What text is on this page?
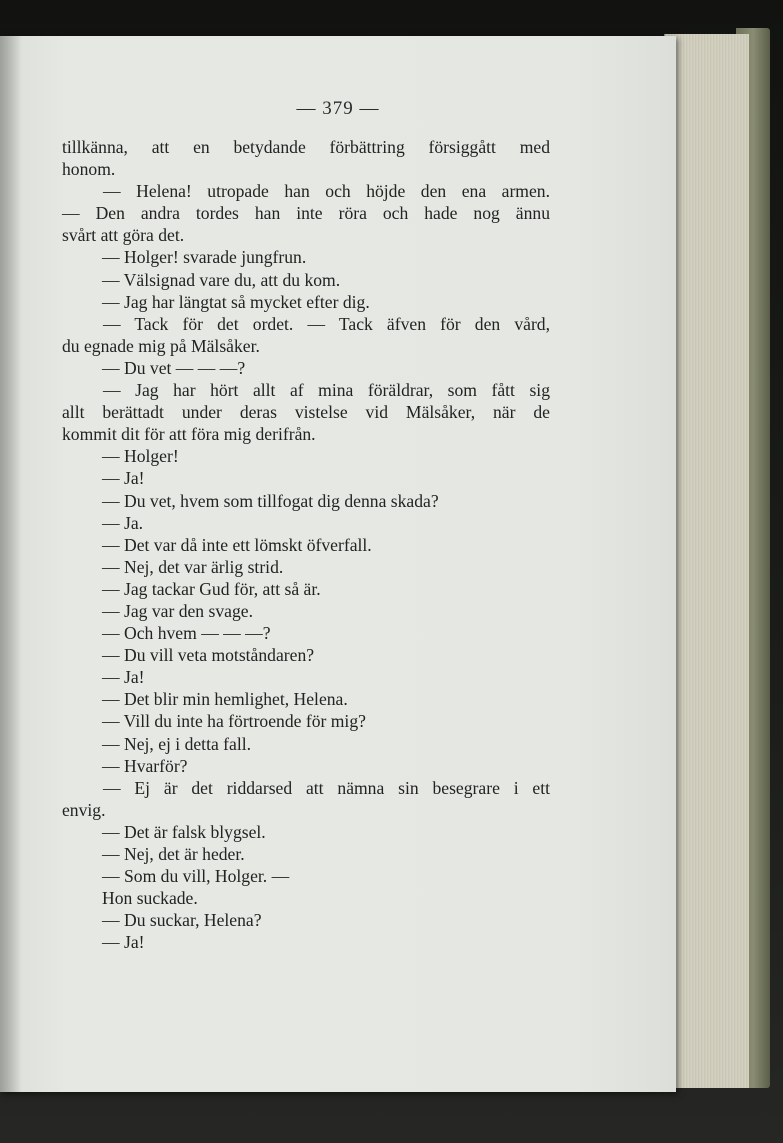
— 379 —
tillkänna, att en betydande förbättring försiggått med
honom.
— Helena! utropade han och höjde den ena armen.
— Den andra tordes han inte röra och hade nog ännu
svårt att göra det.
— Holger! svarade jungfrun.
— Välsignad vare du, att du kom.
— Jag har längtat så mycket efter dig.
— Tack för det ordet. — Tack äfven för den vård,
du egnade mig på Mälsåker.
— Du vet — — —?
— Jag har hört allt af mina föräldrar, som fått sig
allt berättadt under deras vistelse vid Mälsåker, när de
kommit dit för att föra mig derifrån.
— Holger!
— Ja!
— Du vet, hvem som tillfogat dig denna skada?
— Ja.
— Det var då inte ett lömskt öfverfall.
— Nej, det var ärlig strid.
— Jag tackar Gud för, att så är.
— Jag var den svage.
— Och hvem — — —?
— Du vill veta motståndaren?
— Ja!
— Det blir min hemlighet, Helena.
— Vill du inte ha förtroende för mig?
— Nej, ej i detta fall.
— Hvarför?
— Ej är det riddarsed att nämna sin besegrare i ett
envig.
— Det är falsk blygsel.
— Nej, det är heder.
— Som du vill, Holger. —
Hon suckade.
— Du suckar, Helena?
— Ja!
